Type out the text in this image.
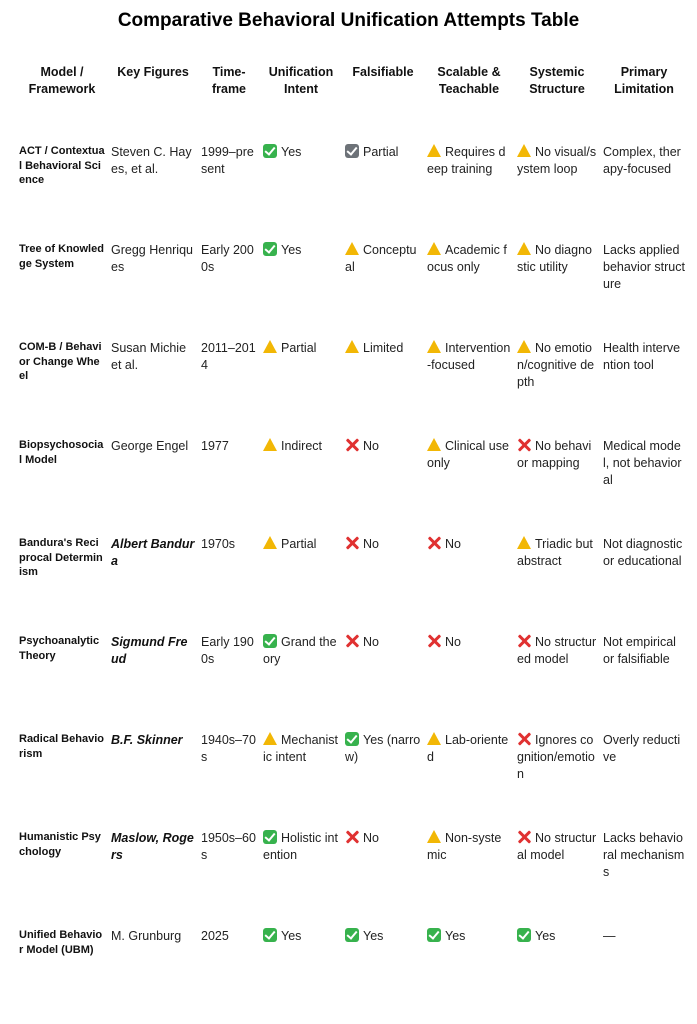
Comparative Behavioral Unification Attempts Table
Model / Framework	Key Figures	Time-frame	Unification Intent	Falsifiable	Scalable & Teachable	Systemic Structure	Primary Limitation
ACT / Contextual Behavioral Science	Steven C. Hayes, et al.	1999–present	Yes	Partial	Requires deep training	No visual/system loop	Complex, therapy-focused
Tree of Knowledge System	Gregg Henriques	Early 2000s	Yes	Conceptual	Academic focus only	No diagnostic utility	Lacks applied behavior structure
COM-B / Behavior Change Wheel	Susan Michie et al.	2011–2014	Partial	Limited	Intervention-focused	No emotion/cognitive depth	Health intervention tool
Biopsychosocial Model	George Engel	1977	Indirect	No	Clinical use only	No behavior mapping	Medical model, not behavioral
Bandura's Reciprocal Determinism	Albert Bandura	1970s	Partial	No	No	Triadic but abstract	Not diagnostic or educational
Psychoanalytic Theory	Sigmund Freud	Early 1900s	Grand theory	No	No	No structured model	Not empirical or falsifiable
Radical Behaviorism	B.F. Skinner	1940s–70s	Mechanistic intent	Yes (narrow)	Lab-oriented	Ignores cognition/emotion	Overly reductive
Humanistic Psychology	Maslow, Rogers	1950s–60s	Holistic intention	No	Non-systemic	No structural model	Lacks behavioral mechanisms
Unified Behavior Model (UBM)	M. Grunburg	2025	Yes	Yes	Yes	Yes	—
